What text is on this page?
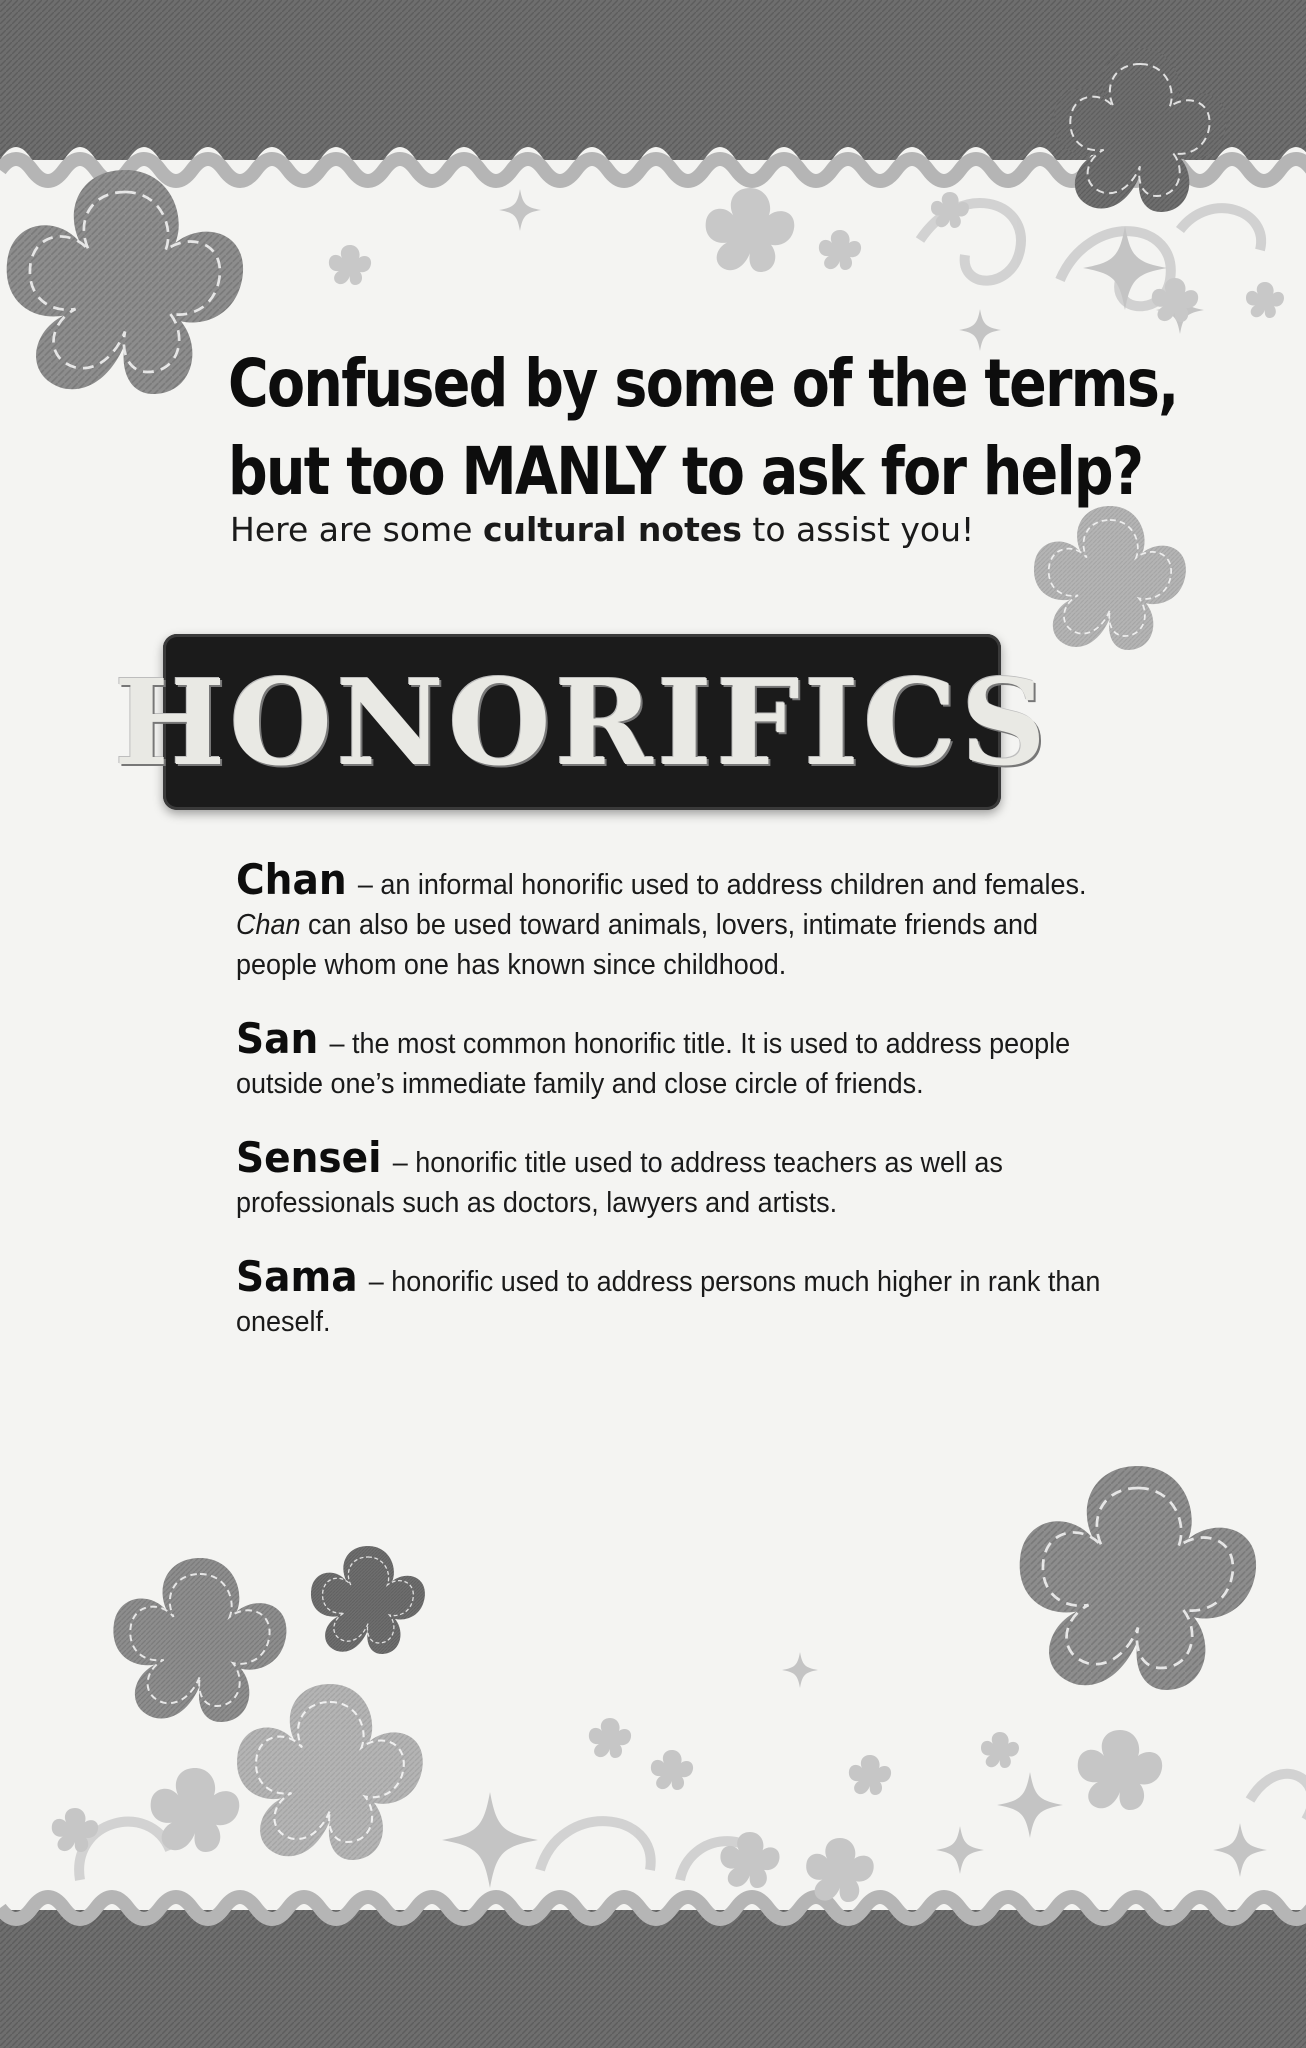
Confused by some of the terms,
but too MANLY to ask for help?
Here are some cultural notes to assist you!
HONORIFICS
Chan – an informal honorific used to address children and females. Chan can also be used toward animals, lovers, intimate friends and people whom one has known since childhood.
San – the most common honorific title. It is used to address people outside one’s immediate family and close circle of friends.
Sensei – honorific title used to address teachers as well as professionals such as doctors, lawyers and artists.
Sama – honorific used to address persons much higher in rank than oneself.
